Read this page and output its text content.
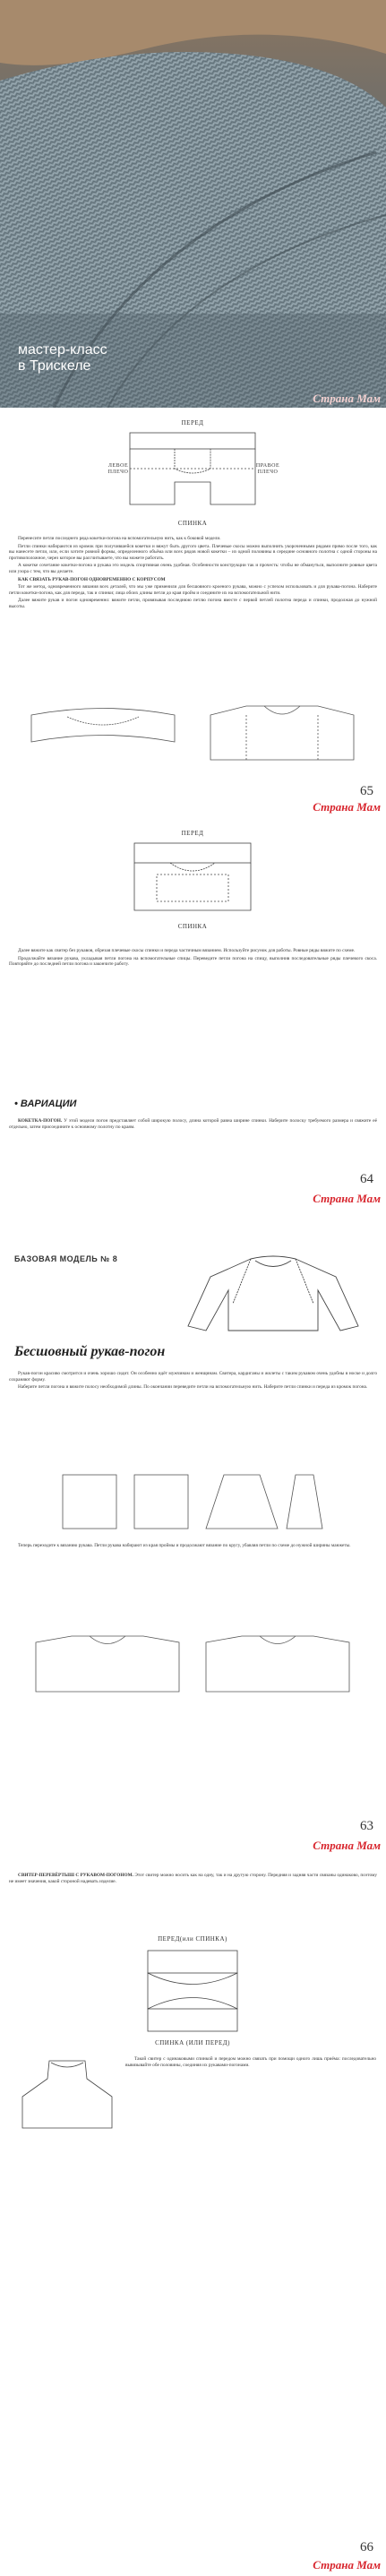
мастер-класс
в Трискеле
Страна Мам
ПЕРЕД
ЛЕВОЕ ПЛЕЧО
ПРАВОЕ ПЛЕЧО
СПИНКА

Перенесите петли последнего ряда кокетки-погона на вспомогательную нить, как к боковой модели.

Петли спинки набираются из кромок при получившейся кокетки и вяжут быть другого цвета. Плечевые скосы можно выполнить укороченными рядами прямо после того, как вы нанесете петли, или, если хотите ровной формы, определенного объёма или всех рядов новой кокетки – из одной половины в середине основного полотна с одной стороны на противоположное, через которое вы рассчитываете, что вы можете работать.

А кокетке сочетание кокетки-погона и рукава это модель спортивная очень удобная. Особенности конструкции так и прочесть: чтобы не обмануться, выполните ровные цвета или узора с тем, что вы делаете.

КАК СВЯЗАТЬ РУКАВ-ПОГОН ОДНОВРЕМЕННО С КОРПУСОМ

Тот же метод, одновременного вязания всех деталей, что мы уже применили для бесшовного кроеного рукава, можно с успехом использовать и для рукава-погона. Наберите петли кокетки-погона, как для переда, так и спинки; лица обоих длины петли до края пройм и соедините их на вспомогательной нити.

Далее вяжите рукав и погон одновременно: вяжите петли, провязывая последнюю петлю погона вместе с первой петлей полотна переда и спинки, продолжая до нужной высоты.

65
Страна Мам
ПЕРЕД
СПИНКА

Далее вяжите как свитер без рукавов, обрезая плечевые скосы спинки и переда частичным вязанием. Используйте рисунок для работы. Ровные ряды вяжите по схеме.

Продолжайте вязание рукава, укладывая петли погона на вспомогательные спицы. Переведите петли погона на спицу, выполнив последовательные ряды плечевого скоса. Повторяйте до последней петли погона и закончите работу.

• ВАРИАЦИИ

КОКЕТКА-ПОГОН. У этой модели погон представляет собой широкую полосу, длина которой равна ширине спинки. Наберите полоску требуемого размера и свяжите её отдельно, затем присоедините к основному полотну по краям.

64
Страна Мам
БАЗОВАЯ МОДЕЛЬ № 8
Бесшовный рукав-погон

Рукав-погон красиво смотрится и очень хорошо сидит. Он особенно идёт мужчинам и женщинам. Свитера, кардиганы и жилеты с таким рукавом очень удобны в носке и долго сохраняют форму.

Наберите петли погона и вяжите полосу необходимой длины. По окончании переведите петли на вспомогательную нить. Наберите петли спинки и переда из кромок погона.

Теперь переходите к вязанию рукава. Петли рукава набирают из края проймы и продолжают вязание по кругу, убавляя петли по схеме до нужной ширины манжеты.

63
Страна Мам

СВИТЕР-ПЕРЕВЁРТЫШ С РУКАВОМ-ПОГОНОМ. Этот свитер можно носить как на одну, так и на другую сторону. Передняя и задняя части связаны одинаково, поэтому не имеет значения, какой стороной надевать изделие.

ПЕРЕД(или СПИНКА)
СПИНКА (ИЛИ ПЕРЕД)

Такой свитер с одинаковыми спинкой и передом можно связать при помощи одного лишь приёма: последовательно вывязывайте обе половины, соединяя их рукавами-погонами.

66
Страна Мам
